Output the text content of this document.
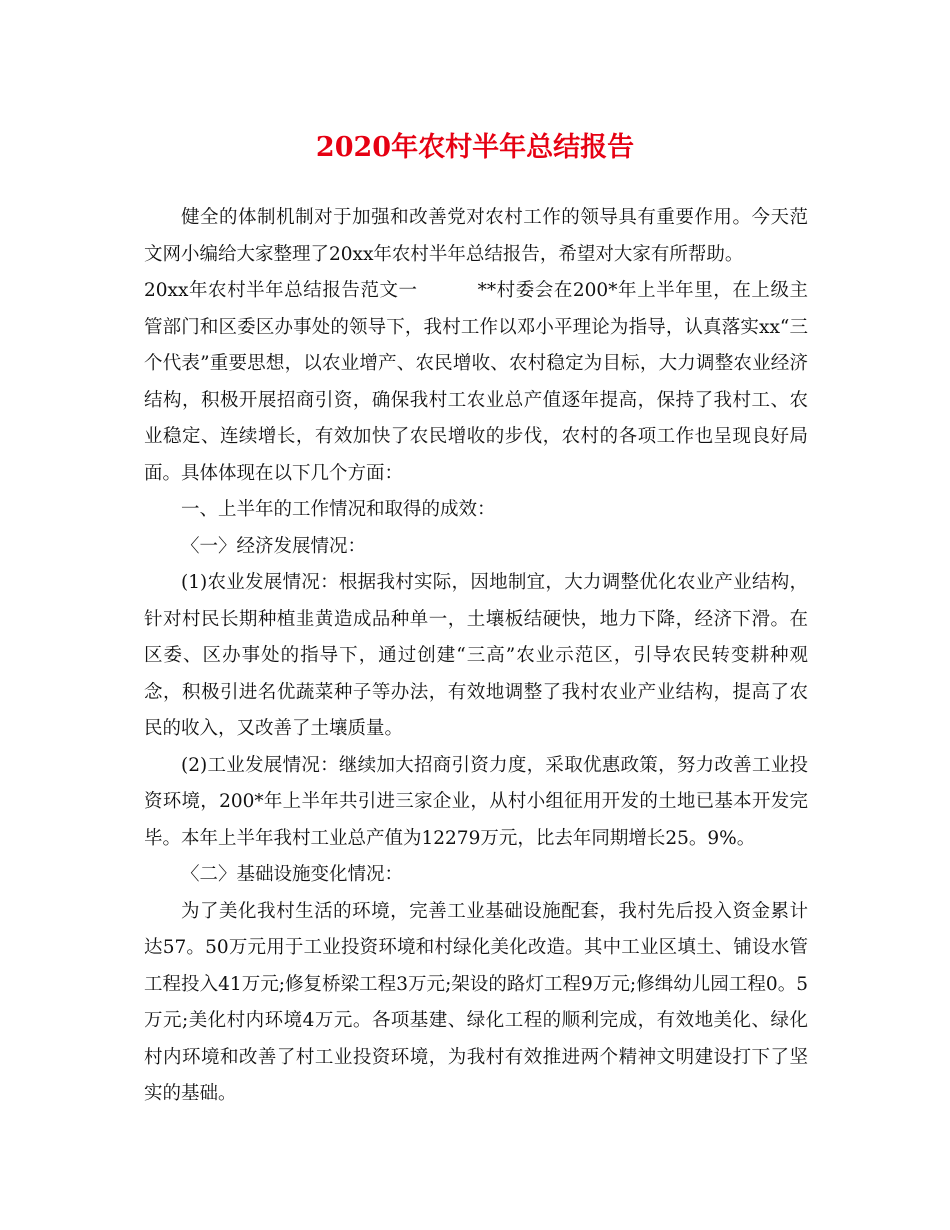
2020年农村半年总结报告

健全的体制机制对于加强和改善党对农村工作的领导具有重要作用。今天范文网小编给大家整理了20xx年农村半年总结报告，希望对大家有所帮助。

20xx年农村半年总结报告范文一	**村委会在200*年上半年里，在上级主管部门和区委区办事处的领导下，我村工作以邓小平理论为指导，认真落实xx“三个代表”重要思想，以农业增产、农民增收、农村稳定为目标，大力调整农业经济结构，积极开展招商引资，确保我村工农业总产值逐年提高，保持了我村工、农业稳定、连续增长，有效加快了农民增收的步伐，农村的各项工作也呈现良好局面。具体体现在以下几个方面：

一、上半年的工作情况和取得的成效：

〈一〉经济发展情况：

(1)农业发展情况：根据我村实际，因地制宜，大力调整优化农业产业结构，针对村民长期种植韭黄造成品种单一，土壤板结硬快，地力下降，经济下滑。在区委、区办事处的指导下，通过创建“三高”农业示范区，引导农民转变耕种观念，积极引进名优蔬菜种子等办法，有效地调整了我村农业产业结构，提高了农民的收入，又改善了土壤质量。

(2)工业发展情况：继续加大招商引资力度，采取优惠政策，努力改善工业投资环境，200*年上半年共引进三家企业，从村小组征用开发的土地已基本开发完毕。本年上半年我村工业总产值为12279万元，比去年同期增长25。9%。

〈二〉基础设施变化情况：

为了美化我村生活的环境，完善工业基础设施配套，我村先后投入资金累计达57。50万元用于工业投资环境和村绿化美化改造。其中工业区填土、铺设水管工程投入41万元;修复桥梁工程3万元;架设的路灯工程9万元;修缉幼儿园工程0。5万元;美化村内环境4万元。各项基建、绿化工程的顺利完成，有效地美化、绿化村内环境和改善了村工业投资环境，为我村有效推进两个精神文明建设打下了坚实的基础。
